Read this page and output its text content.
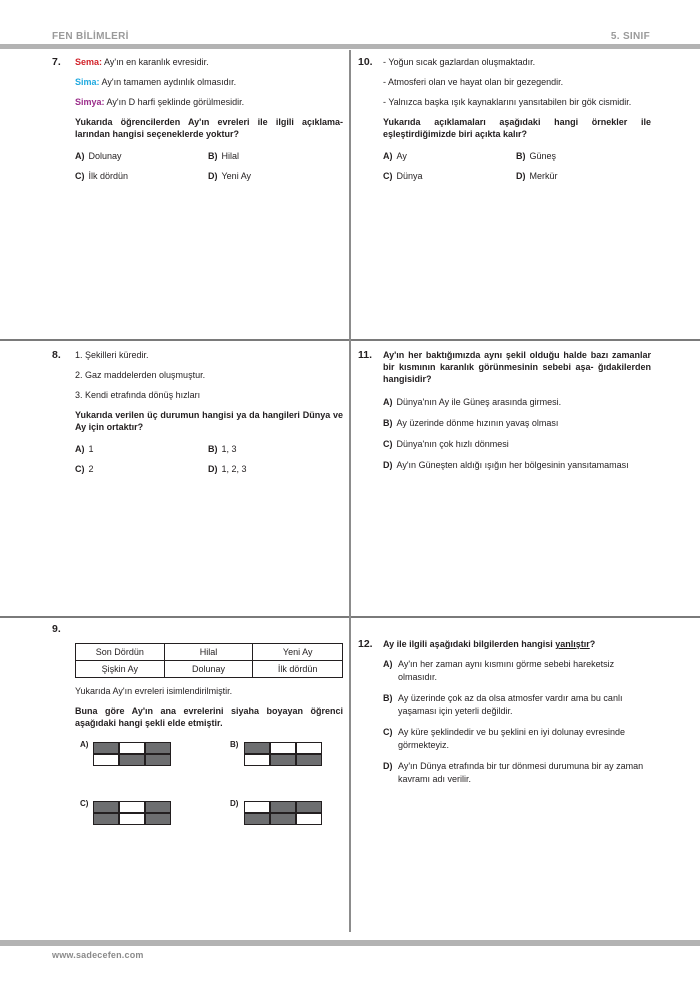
FEN BİLİMLERİ	5. SINIF
7. Sema: Ay'ın en karanlık evresidir.
Sima: Ay'ın tamamen aydınlık olmasıdır.
Simya: Ay'ın D harfi şeklinde görülmesidir.
Yukarıda öğrencilerden Ay'ın evreleri ile ilgili açıklama- larından hangisi seçeneklerde yoktur?
A) Dolunay	B) Hilal
C) İlk dördün	D) Yeni Ay
8. 1. Şekilleri küredir.
2. Gaz maddelerden oluşmuştur.
3. Kendi etrafında dönüş hızları
Yukarıda verilen üç durumun hangisi ya da hangileri Dünya ve Ay için ortaktır?
A) 1	B) 1, 3
C) 2	D) 1, 2, 3
9.
Son Dördün	Hilal	Yeni Ay
Şişkin Ay	Dolunay	İlk dördün
Yukarıda Ay'ın evreleri isimlendirilmiştir.
Buna göre Ay'ın ana evrelerini siyaha boyayan öğrenci aşağıdaki hangi şekli elde etmiştir.
A)	B)
C)	D)
10. - Yoğun sıcak gazlardan oluşmaktadır.
- Atmosferi olan ve hayat olan bir gezegendir.
- Yalnızca başka ışık kaynaklarını yansıtabilen bir gök cismidir.
Yukarıda açıklamaları aşağıdaki hangi örnekler ile eşleştirdiğimizde biri açıkta kalır?
A) Ay	B) Güneş
C) Dünya	D) Merkür
11. Ay'ın her baktığımızda aynı şekil olduğu halde bazı zamanlar bir kısmının karanlık görünmesinin sebebi aşa- ğıdakilerden hangisidir?
A) Dünya'nın Ay ile Güneş arasında girmesi.
B) Ay üzerinde dönme hızının yavaş olması
C) Dünya'nın çok hızlı dönmesi
D) Ay'ın Güneşten aldığı ışığın her bölgesinin yansıtamaması
12. Ay ile ilgili aşağıdaki bilgilerden hangisi yanlıştır?
A) Ay'ın her zaman aynı kısmını görme sebebi hareketsiz olmasıdır.
B) Ay üzerinde çok az da olsa atmosfer vardır ama bu canlı yaşaması için yeterli değildir.
C) Ay küre şeklindedir ve bu şeklini en iyi dolunay evresinde görmekteyiz.
D) Ay'ın Dünya etrafında bir tur dönmesi durumuna bir ay zaman kavramı adı verilir.
www.sadecefen.com
